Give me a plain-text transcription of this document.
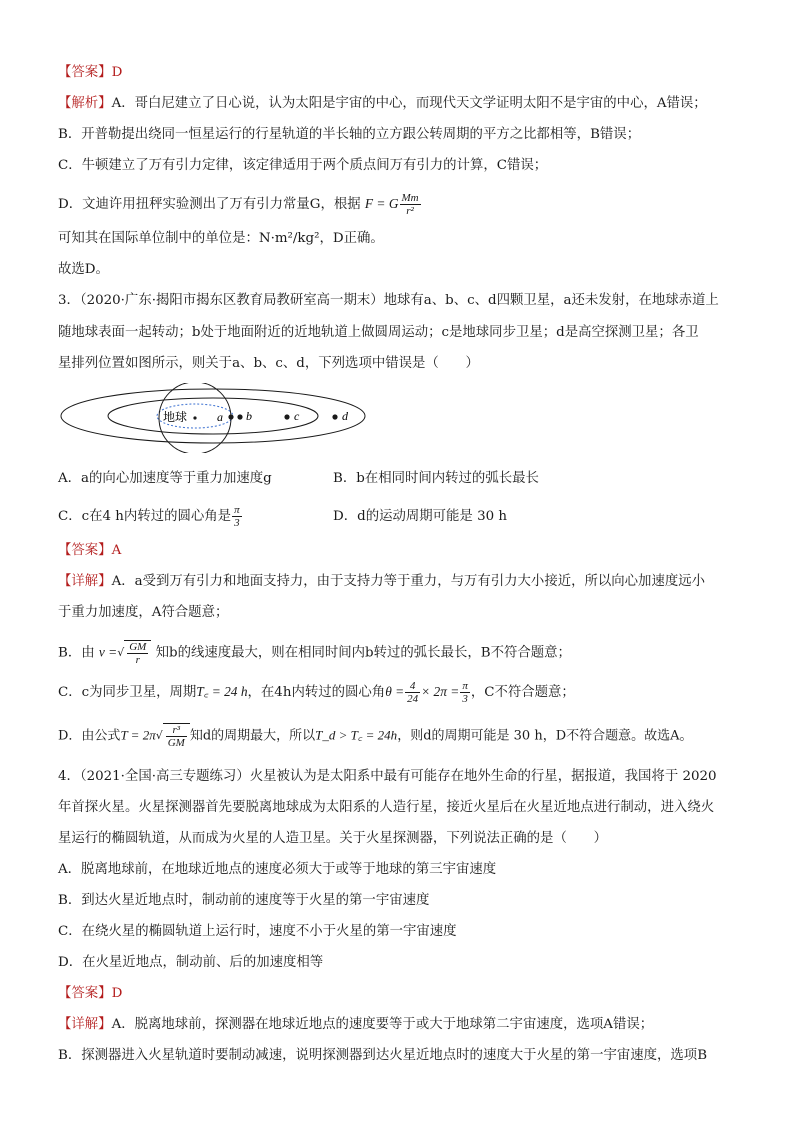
【答案】D
【解析】A．哥白尼建立了日心说，认为太阳是宇宙的中心，而现代天文学证明太阳不是宇宙的中心，A错误；
B．开普勒提出绕同一恒星运行的行星轨道的半长轴的立方跟公转周期的平方之比都相等，B错误；
C．牛顿建立了万有引力定律，该定律适用于两个质点间万有引力的计算，C错误；
D．文迪许用扭秤实验测出了万有引力常量G，根据 F = G $\frac{Mm}{\text{r²}}$
可知其在国际单位制中的单位是：N·m²/kg²，D正确。
故选D。
3．（2020·广东·揭阳市揭东区教育局教研室高一期末）地球有a、b、c、d四颗卫星，a还未发射，在地球赤道上
随地球表面一起转动；b处于地面附近的近地轨道上做圆周运动；c是地球同步卫星；d是高空探测卫星；各卫
星排列位置如图所示，则关于a、b、c、d，下列选项中错误是（　　）
地球 a b	c	d
A．a的向心加速度等于重力加速度g	B．b在相同时间内转过的弧长最长
C．c在4 h内转过的圆心角是 $\frac{\pi}{3}$	D．d的运动周期可能是 30 h
【答案】A
【详解】A．a受到万有引力和地面支持力，由于支持力等于重力，与万有引力大小接近，所以向心加速度远小
于重力加速度，A符合题意；
B．由 v =√ $\frac{GM}{r}$ 知b的线速度最大，则在相同时间内b转过的弧长最长，B不符合题意；
C．c为同步卫星，周期T꜀ = 24 h，在4h内转过的圆心角$\theta = \frac{4}{24} \times 2\pi = \frac{\pi}{3}$ ，C不符合题意；
D．由公式$T = 2\pi√ \frac{\text{r³}}{GM}$ 知d的周期最大，所以T_d > T꜀ = 24h，则d的周期可能是 30 h，D不符合题意。故选A。
4．（2021·全国·高三专题练习）火星被认为是太阳系中最有可能存在地外生命的行星，据报道，我国将于 2020
年首探火星。火星探测器首先要脱离地球成为太阳系的人造行星，接近火星后在火星近地点进行制动，进入绕火
星运行的椭圆轨道，从而成为火星的人造卫星。关于火星探测器，下列说法正确的是（　　）
A．脱离地球前，在地球近地点的速度必须大于或等于地球的第三宇宙速度
B．到达火星近地点时，制动前的速度等于火星的第一宇宙速度
C．在绕火星的椭圆轨道上运行时，速度不小于火星的第一宇宙速度
D．在火星近地点，制动前、后的加速度相等
【答案】D
【详解】A．脱离地球前，探测器在地球近地点的速度要等于或大于地球第二宇宙速度，选项A错误；
B．探测器进入火星轨道时要制动减速，说明探测器到达火星近地点时的速度大于火星的第一宇宙速度，选项B
